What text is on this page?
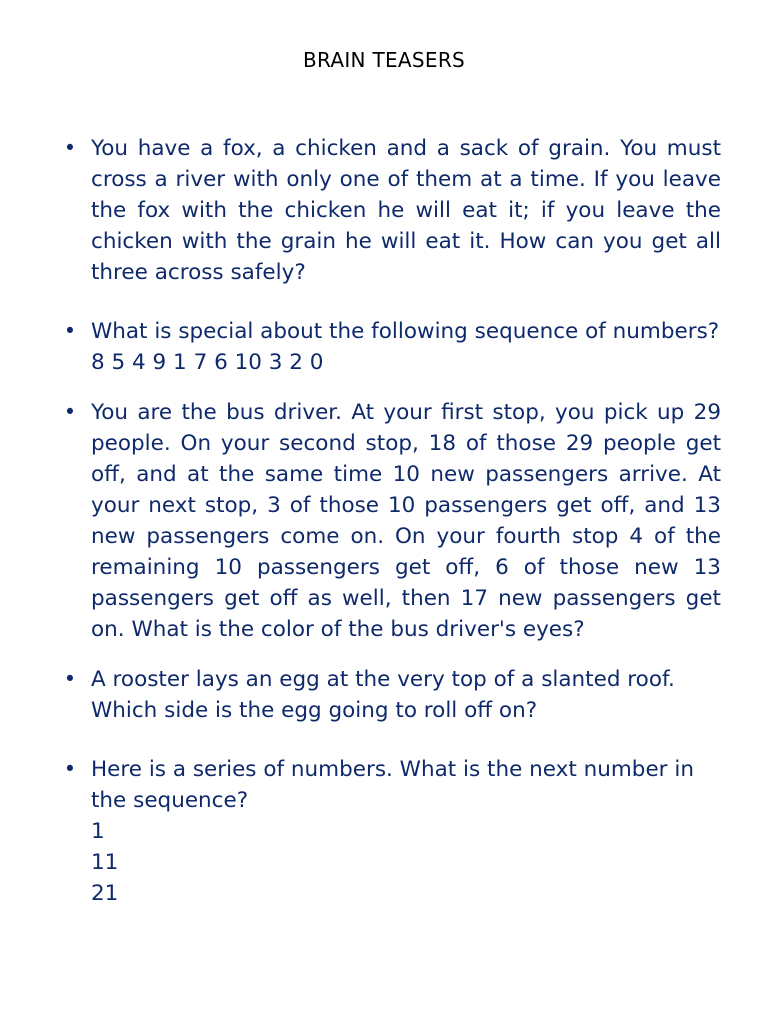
BRAIN TEASERS
• You have a fox, a chicken and a sack of grain. You must cross a river with only one of them at a time. If you leave the fox with the chicken he will eat it; if you leave the chicken with the grain he will eat it. How can you get all three across safely?
• What is special about the following sequence of numbers?
8 5 4 9 1 7 6 10 3 2 0
• You are the bus driver. At your first stop, you pick up 29 people. On your second stop, 18 of those 29 people get off, and at the same time 10 new passengers arrive. At your next stop, 3 of those 10 passengers get off, and 13 new passengers come on. On your fourth stop 4 of the remaining 10 passengers get off, 6 of those new 13 passengers get off as well, then 17 new passengers get on. What is the color of the bus driver's eyes?
• A rooster lays an egg at the very top of a slanted roof. Which side is the egg going to roll off on?
• Here is a series of numbers. What is the next number in the sequence?
1
11
21
